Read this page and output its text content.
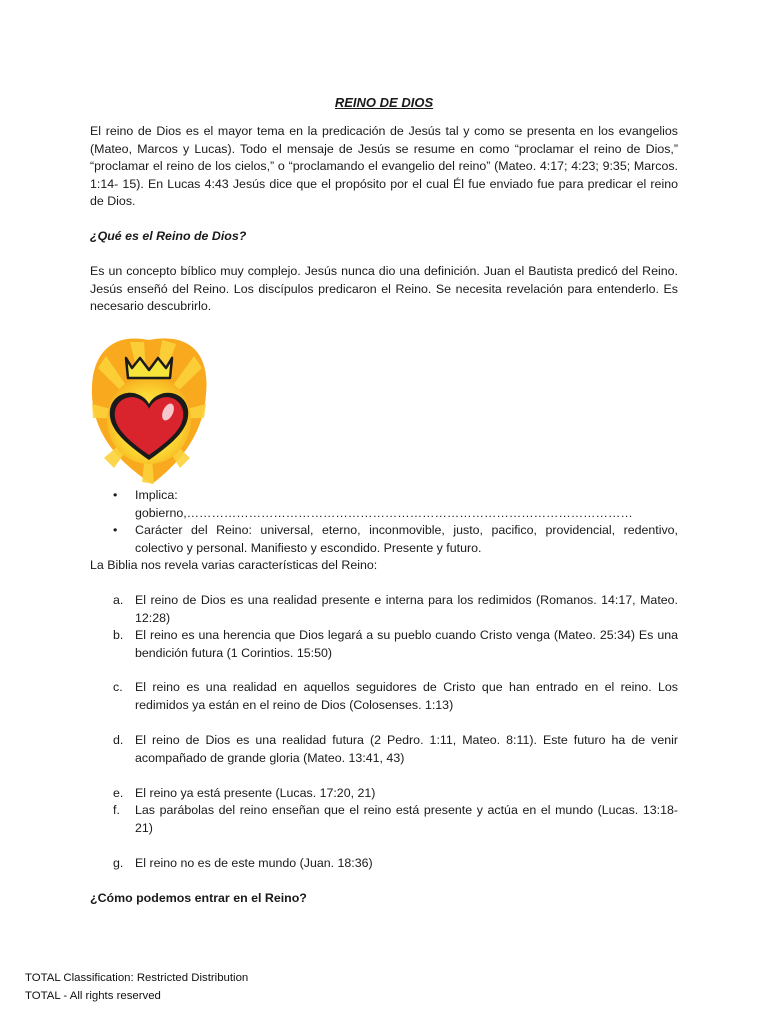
REINO DE DIOS

El reino de Dios es el mayor tema en la predicación de Jesús tal y como se presenta en los evangelios (Mateo, Marcos y Lucas). Todo el mensaje de Jesús se resume en como “proclamar el reino de Dios,” “proclamar el reino de los cielos,” o “proclamando el evangelio del reino” (Mateo. 4:17; 4:23; 9:35; Marcos. 1:14- 15). En Lucas 4:43 Jesús dice que el propósito por el cual Él fue enviado fue para predicar el reino de Dios.

¿Qué es el Reino de Dios?

Es un concepto bíblico muy complejo. Jesús nunca dio una definición. Juan el Bautista predicó del Reino. Jesús enseñó del Reino. Los discípulos predicaron el Reino. Se necesita revelación para entenderlo. Es necesario descubrirlo.

• Implica: gobierno,………………………………………………………………………………………………
• Carácter del Reino: universal, eterno, inconmovible, justo, pacifico, providencial, redentivo, colectivo y personal. Manifiesto y escondido. Presente y futuro.

La Biblia nos revela varias características del Reino:

a. El reino de Dios es una realidad presente e interna para los redimidos (Romanos. 14:17, Mateo. 12:28)
b. El reino es una herencia que Dios legará a su pueblo cuando Cristo venga (Mateo. 25:34) Es una bendición futura (1 Corintios. 15:50)
c. El reino es una realidad en aquellos seguidores de Cristo que han entrado en el reino. Los redimidos ya están en el reino de Dios (Colosenses. 1:13)
d. El reino de Dios es una realidad futura (2 Pedro. 1:11, Mateo. 8:11). Este futuro ha de venir acompañado de grande gloria (Mateo. 13:41, 43)
e. El reino ya está presente (Lucas. 17:20, 21)
f. Las parábolas del reino enseñan que el reino está presente y actúa en el mundo (Lucas. 13:18- 21)
g. El reino no es de este mundo (Juan. 18:36)

¿Cómo podemos entrar en el Reino?

TOTAL Classification: Restricted Distribution
TOTAL - All rights reserved
